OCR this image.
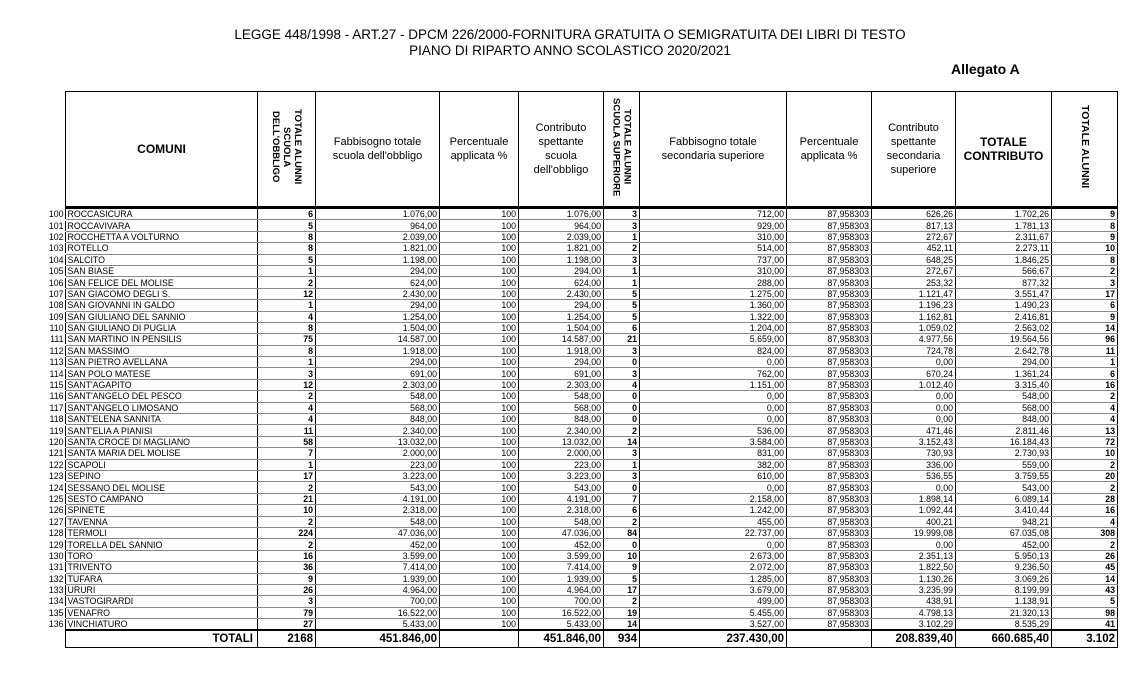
LEGGE 448/1998 - ART.27 - DPCM 226/2000-FORNITURA GRATUITA O SEMIGRATUITA DEI LIBRI DI TESTO
PIANO DI RIPARTO ANNO SCOLASTICO 2020/2021
Allegato A
COMUNI	TOTALE ALUNNI SCUOLA DELL'OBBLIGO	Fabbisogno totale scuola dell'obbligo	Percentuale applicata %	Contributo spettante scuola dell'obbligo	TOTALE ALUNNI SCUOLA SUPERIORE	Fabbisogno totale secondaria superiore	Percentuale applicata %	Contributo spettante secondaria superiore	TOTALE CONTRIBUTO	TOTALE ALUNNI
100 ROCCASICURA	6	1.076,00	100	1.076,00	3	712,00	87,958303	626,26	1.702,26	9
101 ROCCAVIVARA	5	964,00	100	964,00	3	929,00	87,958303	817,13	1.781,13	8
102 ROCCHETTA A VOLTURNO	8	2.039,00	100	2.039,00	1	310,00	87,958303	272,67	2.311,67	9
103 ROTELLO	8	1.821,00	100	1.821,00	2	514,00	87,958303	452,11	2.273,11	10
104 SALCITO	5	1.198,00	100	1.198,00	3	737,00	87,958303	648,25	1.846,25	8
105 SAN BIASE	1	294,00	100	294,00	1	310,00	87,958303	272,67	566,67	2
106 SAN FELICE DEL MOLISE	2	624,00	100	624,00	1	288,00	87,958303	253,32	877,32	3
107 SAN GIACOMO DEGLI S.	12	2.430,00	100	2.430,00	5	1.275,00	87,958303	1.121,47	3.551,47	17
108 SAN GIOVANNI IN GALDO	1	294,00	100	294,00	5	1.360,00	87,958303	1.196,23	1.490,23	6
109 SAN GIULIANO DEL SANNIO	4	1.254,00	100	1.254,00	5	1.322,00	87,958303	1.162,81	2.416,81	9
110 SAN GIULIANO DI PUGLIA	8	1.504,00	100	1.504,00	6	1.204,00	87,958303	1.059,02	2.563,02	14
111 SAN MARTINO IN PENSILIS	75	14.587,00	100	14.587,00	21	5.659,00	87,958303	4.977,56	19.564,56	96
112 SAN MASSIMO	8	1.918,00	100	1.918,00	3	824,00	87,958303	724,78	2.642,78	11
113 SAN PIETRO AVELLANA	1	294,00	100	294,00	0	0,00	87,958303	0,00	294,00	1
114 SAN POLO MATESE	3	691,00	100	691,00	3	762,00	87,958303	670,24	1.361,24	6
115 SANT'AGAPITO	12	2.303,00	100	2.303,00	4	1.151,00	87,958303	1.012,40	3.315,40	16
116 SANT'ANGELO DEL PESCO	2	548,00	100	548,00	0	0,00	87,958303	0,00	548,00	2
117 SANT'ANGELO LIMOSANO	4	568,00	100	568,00	0	0,00	87,958303	0,00	568,00	4
118 SANT'ELENA SANNITA	4	848,00	100	848,00	0	0,00	87,958303	0,00	848,00	4
119 SANT'ELIA A PIANISI	11	2.340,00	100	2.340,00	2	536,00	87,958303	471,46	2.811,46	13
120 SANTA CROCE DI MAGLIANO	58	13.032,00	100	13.032,00	14	3.584,00	87,958303	3.152,43	16.184,43	72
121 SANTA MARIA DEL MOLISE	7	2.000,00	100	2.000,00	3	831,00	87,958303	730,93	2.730,93	10
122 SCAPOLI	1	223,00	100	223,00	1	382,00	87,958303	336,00	559,00	2
123 SEPINO	17	3.223,00	100	3.223,00	3	610,00	87,958303	536,55	3.759,55	20
124 SESSANO DEL MOLISE	2	543,00	100	543,00	0	0,00	87,958303	0,00	543,00	2
125 SESTO CAMPANO	21	4.191,00	100	4.191,00	7	2.158,00	87,958303	1.898,14	6.089,14	28
126 SPINETE	10	2.318,00	100	2.318,00	6	1.242,00	87,958303	1.092,44	3.410,44	16
127 TAVENNA	2	548,00	100	548,00	2	455,00	87,958303	400,21	948,21	4
128 TERMOLI	224	47.036,00	100	47.036,00	84	22.737,00	87,958303	19.999,08	67.035,08	308
129 TORELLA DEL SANNIO	2	452,00	100	452,00	0	0,00	87,958303	0,00	452,00	2
130 TORO	16	3.599,00	100	3.599,00	10	2.673,00	87,958303	2.351,13	5.950,13	26
131 TRIVENTO	36	7.414,00	100	7.414,00	9	2.072,00	87,958303	1.822,50	9.236,50	45
132 TUFARA	9	1.939,00	100	1.939,00	5	1.285,00	87,958303	1.130,26	3.069,26	14
133 URURI	26	4.964,00	100	4.964,00	17	3.679,00	87,958303	3.235,99	8.199,99	43
134 VASTOGIRARDI	3	700,00	100	700,00	2	499,00	87,958303	438,91	1.138,91	5
135 VENAFRO	79	16.522,00	100	16.522,00	19	5.455,00	87,958303	4.798,13	21.320,13	98
136 VINCHIATURO	27	5.433,00	100	5.433,00	14	3.527,00	87,958303	3.102,29	8.535,29	41
TOTALI	2168	451.846,00		451.846,00	934	237.430,00		208.839,40	660.685,40	3.102
